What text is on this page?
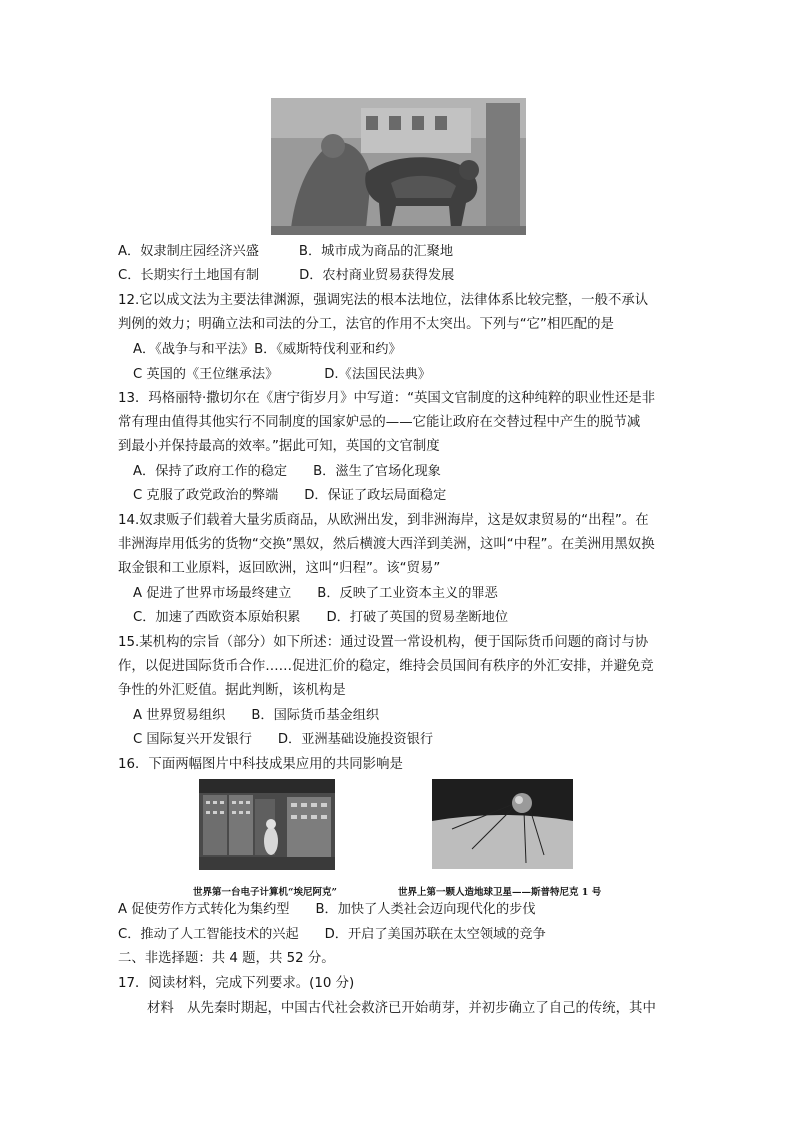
A．奴隶制庄园经济兴盛	B．城市成为商品的汇聚地
C．长期实行土地国有制	D．农村商业贸易获得发展
12.它以成文法为主要法律渊源，强调宪法的根本法地位，法律体系比较完整，一般不承认
判例的效力；明确立法和司法的分工，法官的作用不太突出。下列与“它”相匹配的是
A．《战争与和平法》B．《威斯特伐利亚和约》
C 英国的《王位继承法》	D.《法国民法典》
13．玛格丽特·撒切尔在《唐宁街岁月》中写道：“英国文官制度的这种纯粹的职业性还是非
常有理由值得其他实行不同制度的国家妒忌的——它能让政府在交替过程中产生的脱节减
到最小并保持最高的效率。”据此可知，英国的文官制度
A．保持了政府工作的稳定 B．滋生了官场化现象
C 克服了政党政治的弊端 D．保证了政坛局面稳定
14.奴隶贩子们载着大量劣质商品，从欧洲出发，到非洲海岸，这是奴隶贸易的“出程”。在
非洲海岸用低劣的货物“交换”黑奴，然后横渡大西洋到美洲，这叫“中程”。在美洲用黑奴换
取金银和工业原料，返回欧洲，这叫“归程”。该“贸易”
A 促进了世界市场最终建立 B．反映了工业资本主义的罪恶
C．加速了西欧资本原始积累 D．打破了英国的贸易垄断地位
15.某机构的宗旨（部分）如下所述：通过设置一常设机构，便于国际货币问题的商讨与协
作，以促进国际货币合作……促进汇价的稳定，维持会员国间有秩序的外汇安排，并避免竞
争性的外汇贬值。据此判断，该机构是
A 世界贸易组织 B．国际货币基金组织
C 国际复兴开发银行 D．亚洲基础设施投资银行
16．下面两幅图片中科技成果应用的共同影响是
世界第一台电子计算机“埃尼阿克”	世界上第一颗人造地球卫星——斯普特尼克 1 号
A 促使劳作方式转化为集约型 B．加快了人类社会迈向现代化的步伐
C．推动了人工智能技术的兴起 D．开启了美国苏联在太空领域的竞争
二、非选择题：共 4 题，共 52 分。
17．阅读材料，完成下列要求。(10 分)
材料　从先秦时期起，中国古代社会救济已开始萌芽，并初步确立了自己的传统，其中
